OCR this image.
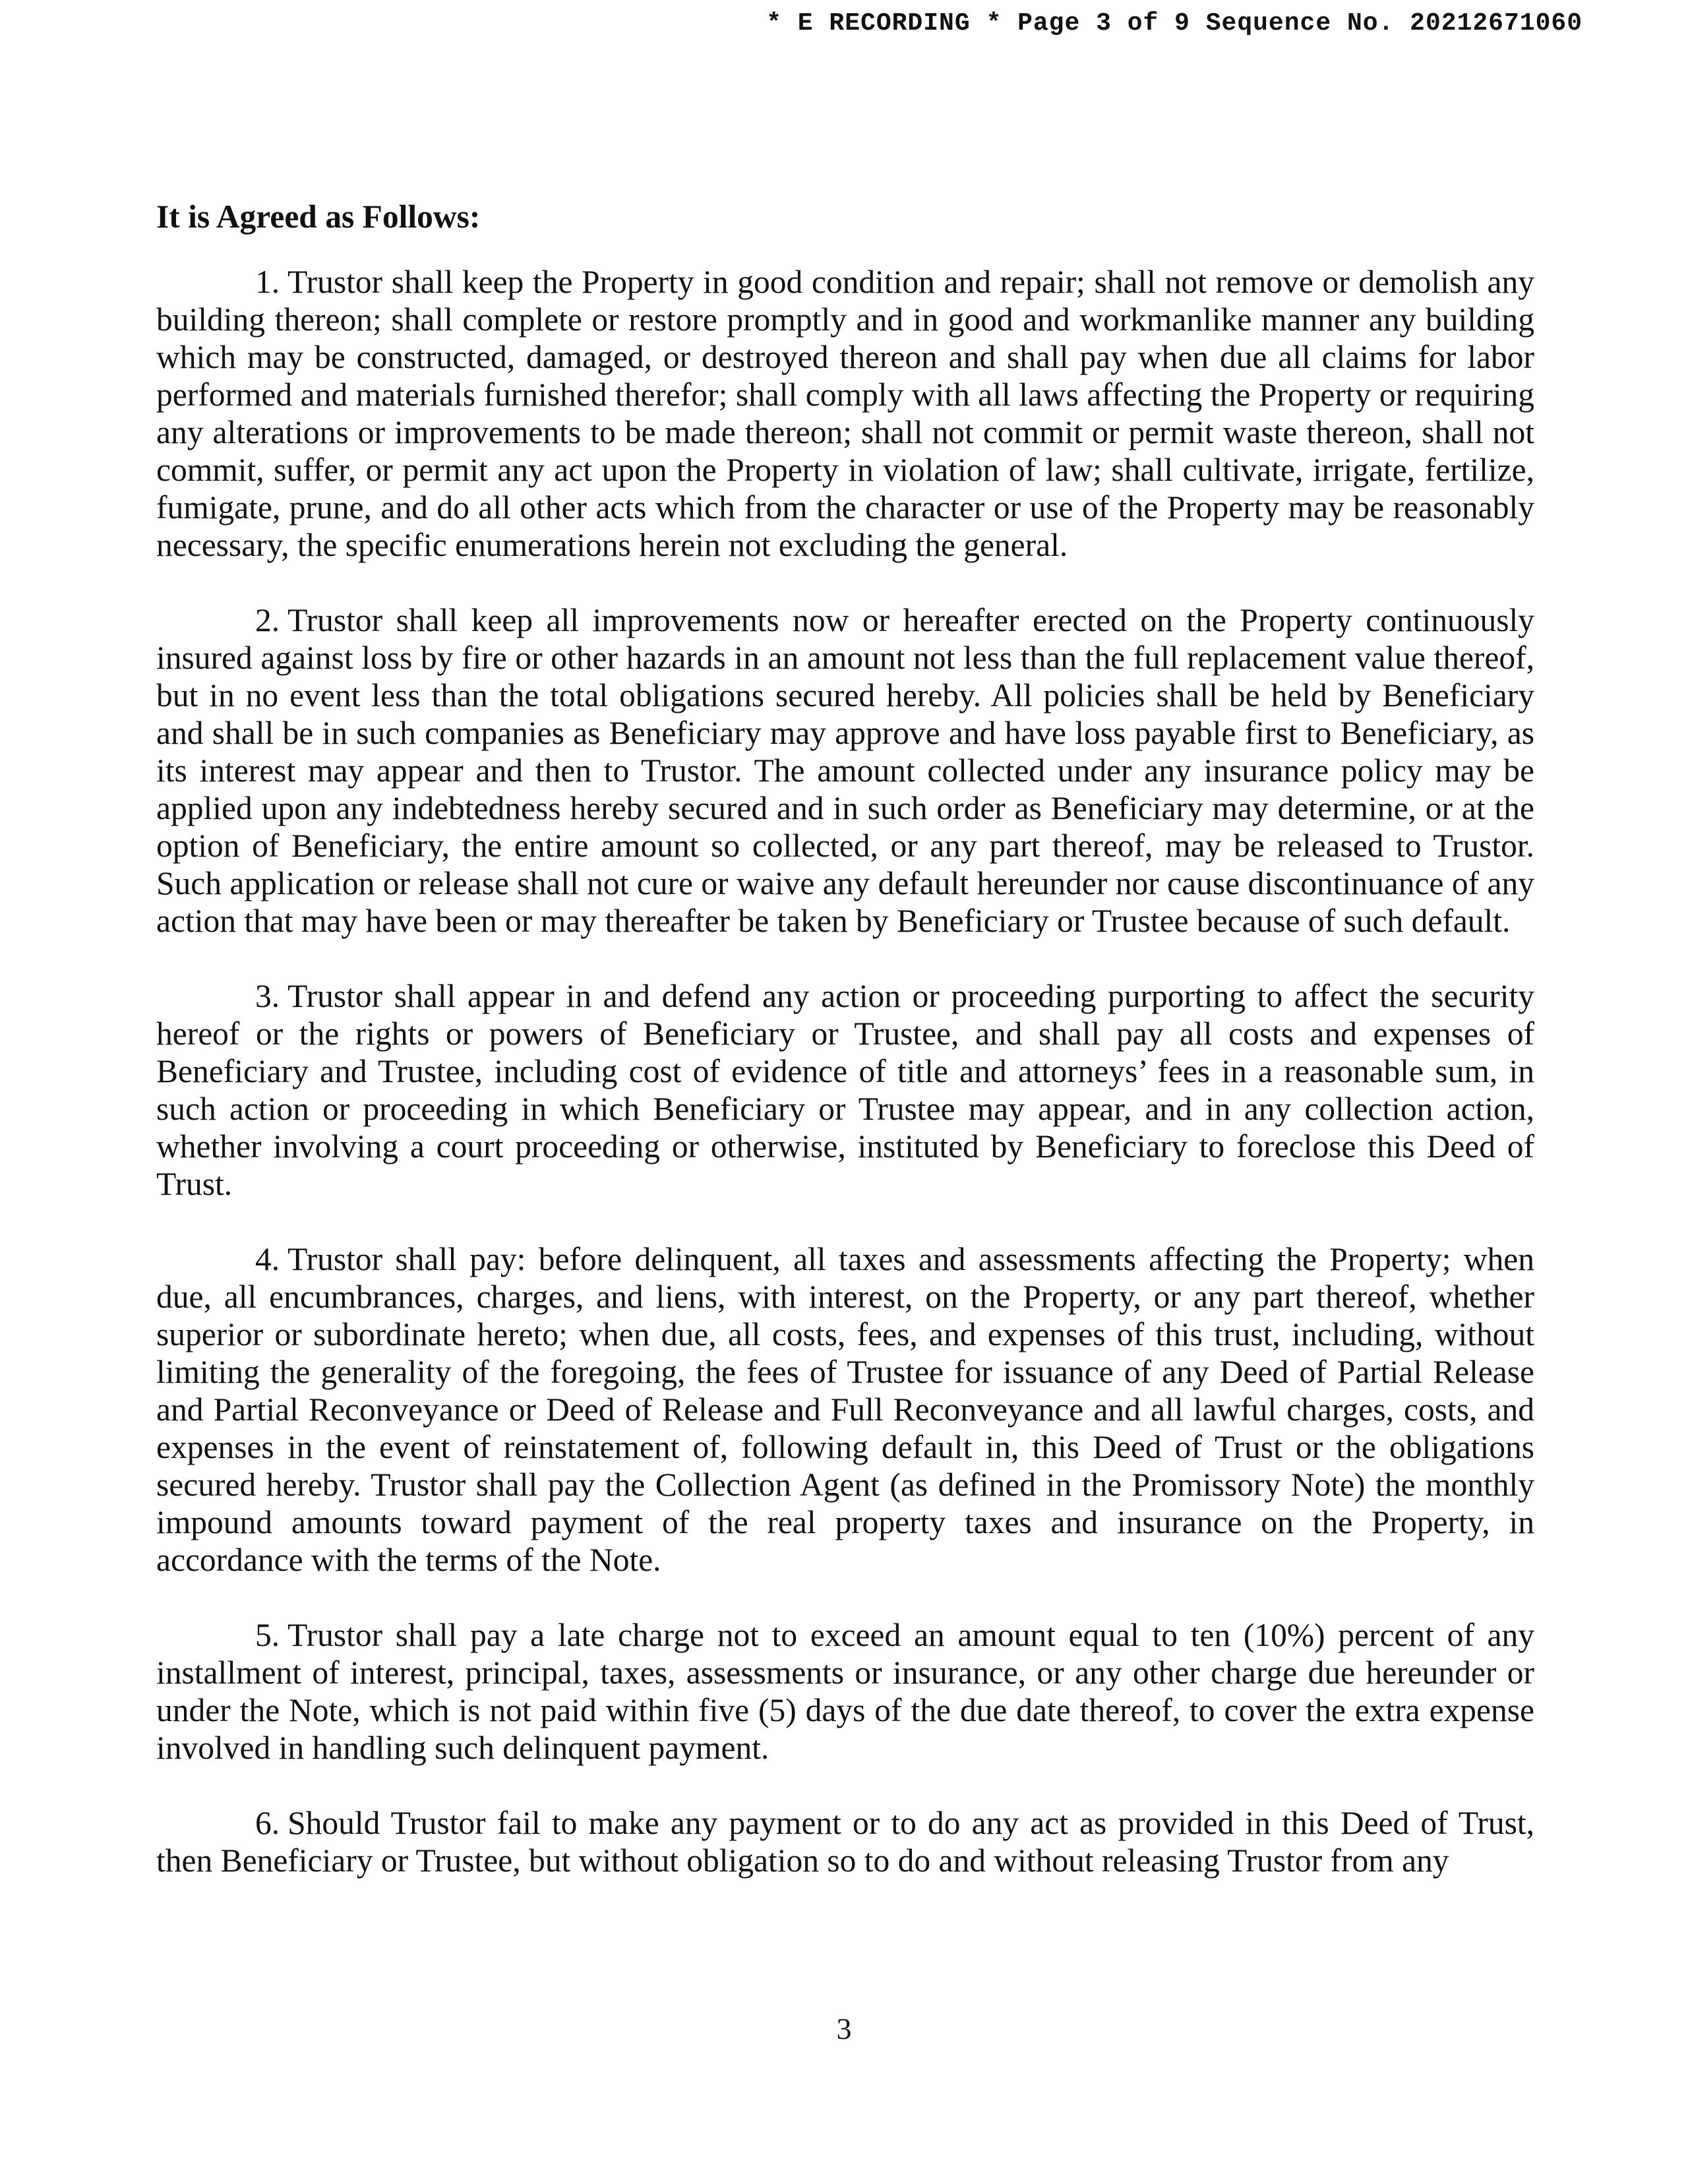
* E RECORDING * Page 3 of 9 Sequence No. 20212671060
It is Agreed as Follows:

1. Trustor shall keep the Property in good condition and repair; shall not remove or demolish any building thereon; shall complete or restore promptly and in good and workmanlike manner any building which may be constructed, damaged, or destroyed thereon and shall pay when due all claims for labor performed and materials furnished therefor; shall comply with all laws affecting the Property or requiring any alterations or improvements to be made thereon; shall not commit or permit waste thereon, shall not commit, suffer, or permit any act upon the Property in violation of law; shall cultivate, irrigate, fertilize, fumigate, prune, and do all other acts which from the character or use of the Property may be reasonably necessary, the specific enumerations herein not excluding the general.

2. Trustor shall keep all improvements now or hereafter erected on the Property continuously insured against loss by fire or other hazards in an amount not less than the full replacement value thereof, but in no event less than the total obligations secured hereby. All policies shall be held by Beneficiary and shall be in such companies as Beneficiary may approve and have loss payable first to Beneficiary, as its interest may appear and then to Trustor. The amount collected under any insurance policy may be applied upon any indebtedness hereby secured and in such order as Beneficiary may determine, or at the option of Beneficiary, the entire amount so collected, or any part thereof, may be released to Trustor. Such application or release shall not cure or waive any default hereunder nor cause discontinuance of any action that may have been or may thereafter be taken by Beneficiary or Trustee because of such default.

3. Trustor shall appear in and defend any action or proceeding purporting to affect the security hereof or the rights or powers of Beneficiary or Trustee, and shall pay all costs and expenses of Beneficiary and Trustee, including cost of evidence of title and attorneys’ fees in a reasonable sum, in such action or proceeding in which Beneficiary or Trustee may appear, and in any collection action, whether involving a court proceeding or otherwise, instituted by Beneficiary to foreclose this Deed of Trust.

4. Trustor shall pay: before delinquent, all taxes and assessments affecting the Property; when due, all encumbrances, charges, and liens, with interest, on the Property, or any part thereof, whether superior or subordinate hereto; when due, all costs, fees, and expenses of this trust, including, without limiting the generality of the foregoing, the fees of Trustee for issuance of any Deed of Partial Release and Partial Reconveyance or Deed of Release and Full Reconveyance and all lawful charges, costs, and expenses in the event of reinstatement of, following default in, this Deed of Trust or the obligations secured hereby. Trustor shall pay the Collection Agent (as defined in the Promissory Note) the monthly impound amounts toward payment of the real property taxes and insurance on the Property, in accordance with the terms of the Note.

5. Trustor shall pay a late charge not to exceed an amount equal to ten (10%) percent of any installment of interest, principal, taxes, assessments or insurance, or any other charge due hereunder or under the Note, which is not paid within five (5) days of the due date thereof, to cover the extra expense involved in handling such delinquent payment.

6. Should Trustor fail to make any payment or to do any act as provided in this Deed of Trust, then Beneficiary or Trustee, but without obligation so to do and without releasing Trustor from any

3
